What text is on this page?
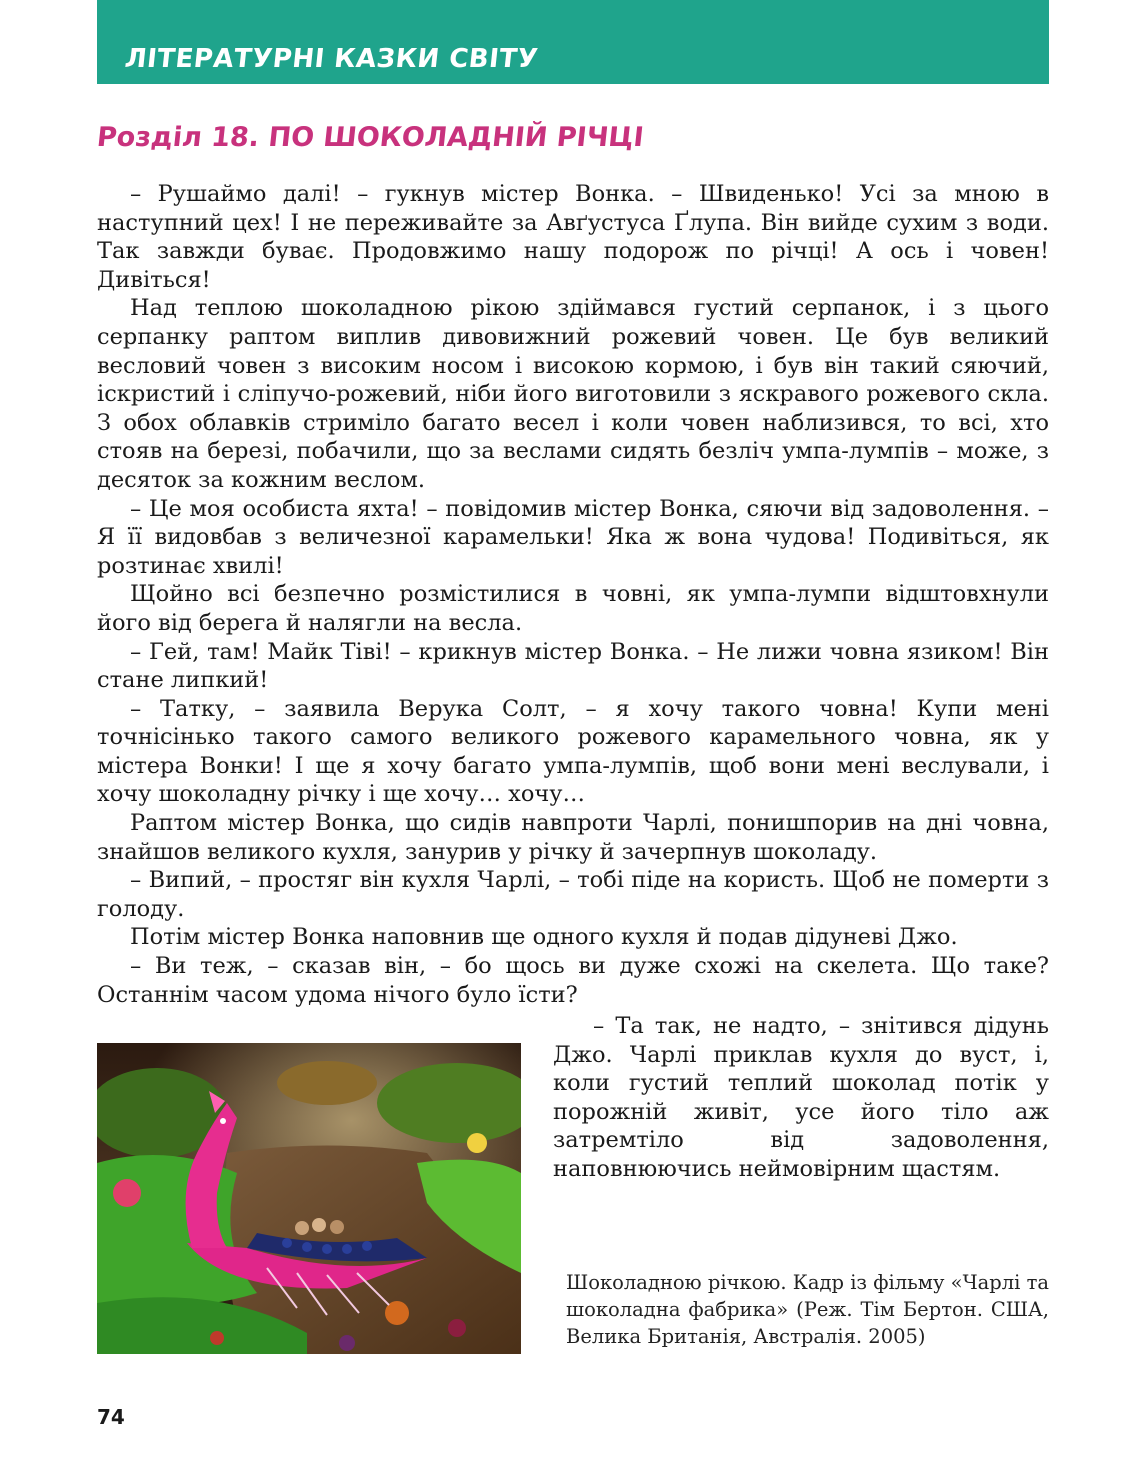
ЛІТЕРАТУРНІ КАЗКИ СВІТУ
Розділ 18. ПО ШОКОЛАДНІЙ РІЧЦІ

– Рушаймо далі! – гукнув містер Вонка. – Швиденько! Усі за мною в наступний цех! І не переживайте за Авґустуса Ґлупа. Він вийде сухим з води. Так завжди буває. Продовжимо нашу подорож по річці! А ось і човен! Дивіться!

Над теплою шоколадною рікою здіймався густий серпанок, і з цього серпанку раптом виплив дивовижний рожевий човен. Це був великий весловий човен з високим носом і високою кормою, і був він такий сяючий, іскристий і сліпучо-рожевий, ніби його виготовили з яскравого рожевого скла. З обох облавків стриміло багато весел і коли човен наблизився, то всі, хто стояв на березі, побачили, що за веслами сидять безліч умпа-лумпів – може, з десяток за кожним веслом.

– Це моя особиста яхта! – повідомив містер Вонка, сяючи від задоволення. – Я її видовбав з величезної карамельки! Яка ж вона чудова! Подивіться, як розтинає хвилі!

Щойно всі безпечно розмістилися в човні, як умпа-лумпи відштовхнули його від берега й налягли на весла.

– Гей, там! Майк Тіві! – крикнув містер Вонка. – Не лижи човна язиком! Він стане липкий!

– Татку, – заявила Верука Солт, – я хочу такого човна! Купи мені точнісінько такого самого великого рожевого карамельного човна, як у містера Вонки! І ще я хочу багато умпа-лумпів, щоб вони мені веслували, і хочу шоколадну річку і ще хочу… хочу…

Раптом містер Вонка, що сидів навпроти Чарлі, понишпорив на дні човна, знайшов великого кухля, занурив у річку й зачерпнув шоколаду.

– Випий, – простяг він кухля Чарлі, – тобі піде на користь. Щоб не померти з голоду.

Потім містер Вонка наповнив ще одного кухля й подав дідуневі Джо.

– Ви теж, – сказав він, – бо щось ви дуже схожі на скелета. Що таке? Останнім часом удома нічого було їсти?

– Та так, не надто, – знітився дідунь Джо. Чарлі приклав кухля до вуст, і, коли густий теплий шоколад потік у порожній живіт, усе його тіло аж затремтіло від задоволення, наповнюючись неймовірним щастям.

Шоколадною річкою. Кадр із фільму «Чарлі та шоколадна фабрика» (Реж. Тім Бертон. США, Велика Британія, Австралія. 2005)
74
